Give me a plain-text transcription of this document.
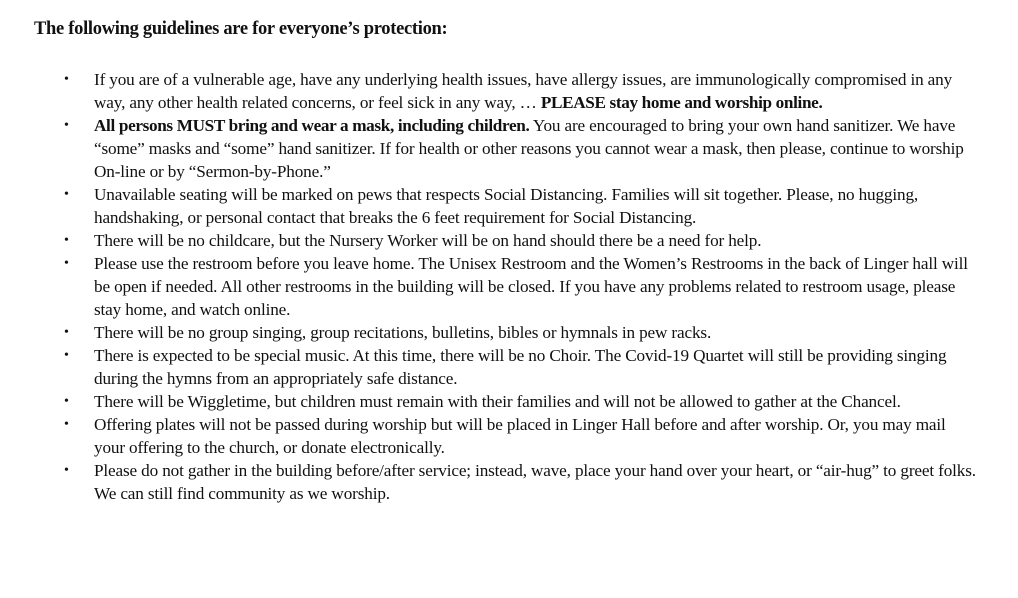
The following guidelines are for everyone’s protection:
• If you are of a vulnerable age, have any underlying health issues, have allergy issues, are immunologically compromised in any way, any other health related concerns, or feel sick in any way, … PLEASE stay home and worship online.
• All persons MUST bring and wear a mask, including children. You are encouraged to bring your own hand sanitizer. We have “some” masks and “some” hand sanitizer. If for health or other reasons you cannot wear a mask, then please, continue to worship On-line or by “Sermon-by-Phone.”
• Unavailable seating will be marked on pews that respects Social Distancing. Families will sit together. Please, no hugging, handshaking, or personal contact that breaks the 6 feet requirement for Social Distancing.
• There will be no childcare, but the Nursery Worker will be on hand should there be a need for help.
• Please use the restroom before you leave home. The Unisex Restroom and the Women’s Restrooms in the back of Linger hall will be open if needed. All other restrooms in the building will be closed. If you have any problems related to restroom usage, please stay home, and watch online.
• There will be no group singing, group recitations, bulletins, bibles or hymnals in pew racks.
• There is expected to be special music. At this time, there will be no Choir. The Covid-19 Quartet will still be providing singing during the hymns from an appropriately safe distance.
• There will be Wiggletime, but children must remain with their families and will not be allowed to gather at the Chancel.
• Offering plates will not be passed during worship but will be placed in Linger Hall before and after worship. Or, you may mail your offering to the church, or donate electronically.
• Please do not gather in the building before/after service; instead, wave, place your hand over your heart, or “air-hug” to greet folks. We can still find community as we worship.
